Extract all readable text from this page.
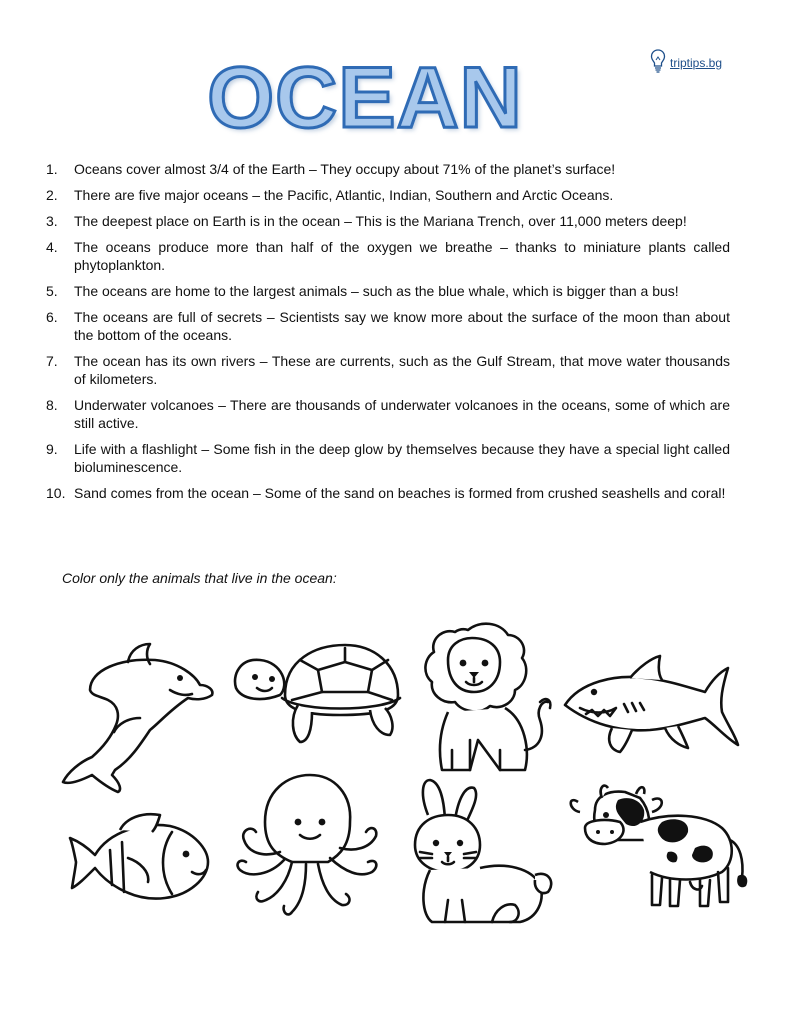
OCEAN	triptips.bg
1.	Oceans cover almost 3/4 of the Earth – They occupy about 71% of the planet’s surface!
2.	There are five major oceans – the Pacific, Atlantic, Indian, Southern and Arctic Oceans.
3.	The deepest place on Earth is in the ocean – This is the Mariana Trench, over 11,000 meters deep!
4.	The oceans produce more than half of the oxygen we breathe – thanks to miniature plants called phytoplankton.
5.	The oceans are home to the largest animals – such as the blue whale, which is bigger than a bus!
6.	The oceans are full of secrets – Scientists say we know more about the surface of the moon than about the bottom of the oceans.
7.	The ocean has its own rivers – These are currents, such as the Gulf Stream, that move water thousands of kilometers.
8.	Underwater volcanoes – There are thousands of underwater volcanoes in the oceans, some of which are still active.
9.	Life with a flashlight – Some fish in the deep glow by themselves because they have a special light called bioluminescence.
10. Sand comes from the ocean – Some of the sand on beaches is formed from crushed seashells and coral!
Color only the animals that live in the ocean:
